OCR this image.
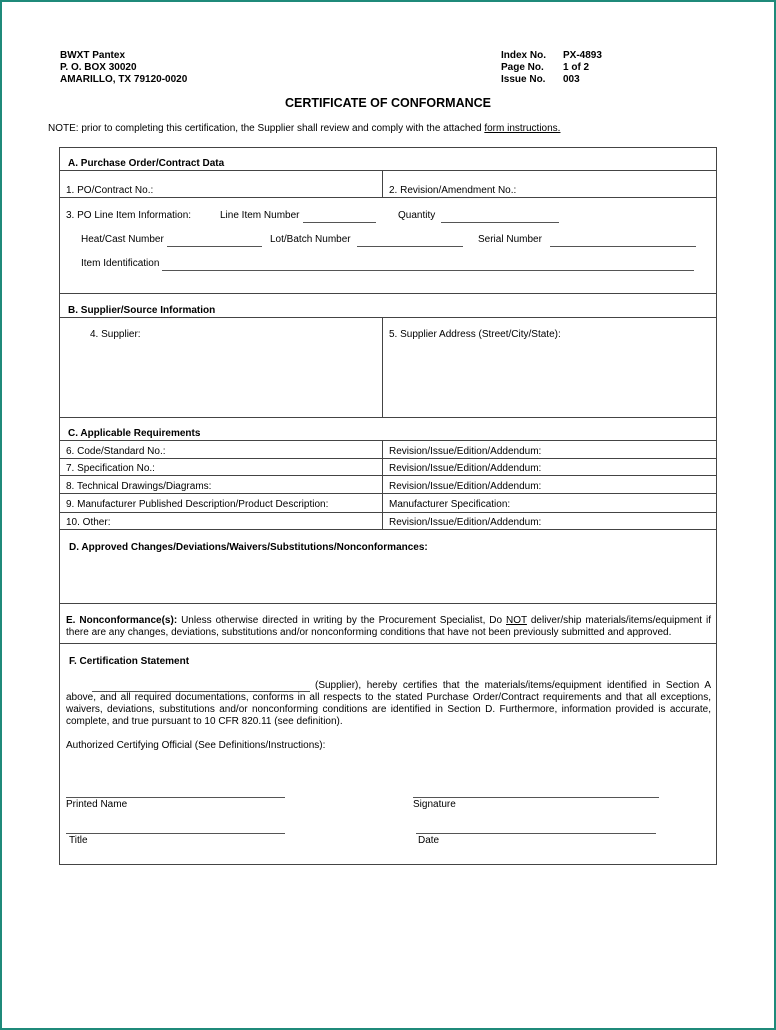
BWXT Pantex
P. O. BOX 30020
AMARILLO, TX 79120-0020
Index No. PX-4893
Page No. 1 of 2
Issue No. 003
CERTIFICATE OF CONFORMANCE
NOTE: prior to completing this certification, the Supplier shall review and comply with the attached form instructions.
A. Purchase Order/Contract Data
1. PO/Contract No.:	2. Revision/Amendment No.:
3. PO Line Item Information:	Line Item Number	Quantity
Heat/Cast Number	Lot/Batch Number	Serial Number
Item Identification
B. Supplier/Source Information
4. Supplier:	5. Supplier Address (Street/City/State):
C. Applicable Requirements
6. Code/Standard No.:	Revision/Issue/Edition/Addendum:
7. Specification No.:	Revision/Issue/Edition/Addendum:
8. Technical Drawings/Diagrams:	Revision/Issue/Edition/Addendum:
9. Manufacturer Published Description/Product Description:	Manufacturer Specification:
10. Other:	Revision/Issue/Edition/Addendum:
D. Approved Changes/Deviations/Waivers/Substitutions/Nonconformances:
E. Nonconformance(s): Unless otherwise directed in writing by the Procurement Specialist, Do NOT deliver/ship materials/items/equipment if there are any changes, deviations, substitutions and/or nonconforming conditions that have not been previously submitted and approved.
F. Certification Statement
(Supplier), hereby certifies that the materials/items/equipment identified in Section A above, and all required documentations, conforms in all respects to the stated Purchase Order/Contract requirements and that all exceptions, waivers, deviations, substitutions and/or nonconforming conditions are identified in Section D. Furthermore, information provided is accurate, complete, and true pursuant to 10 CFR 820.11 (see definition).
Authorized Certifying Official (See Definitions/Instructions):
Printed Name	Signature
Title	Date
